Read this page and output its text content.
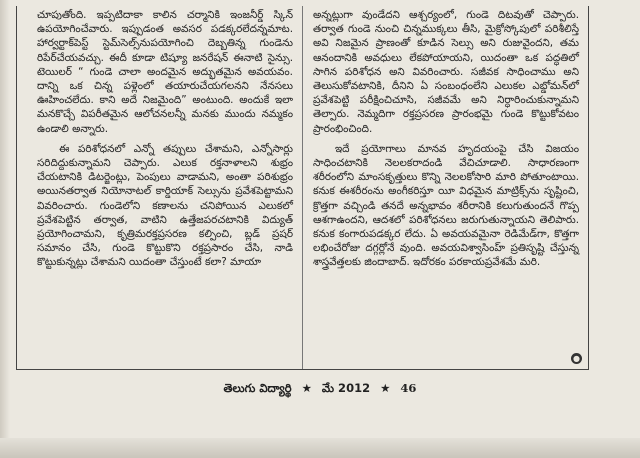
చూపుతోంది. ఇప్పటిదాకా కాలిన చర్మానికి ఇంజనీర్డ్ స్కిన్ ఉపయోగించేవారు. ఇప్పుడంత అవసర పడక్కరలేదన్నమాట. హార్వర్టాక్‌పెస్ట్ స్టెమ్‌సెల్స్‌నుపయోగించి దెబ్బతిన్న గుండెను రిపేర్‌చేయవచ్చు. ఈదీ కూడా టిష్యూ జనరేషన్ ఈనాటి సైన్సు. టెయిలర్ “ గుండె చాలా అందమైన అద్భుతమైన అవయవం. దాన్ని ఒక చిన్న పళ్లెంలో తయారుచేయగలనని నేనసలు ఊహించలేదు. కాని అదే నిజమైంది” అంటుంది. అందుకే ఇలా మనకొచ్చే విపరీతమైన ఆలోచనలన్నీ మనకు ముందు నమ్మకం ఉండాలి అన్నారు.

ఈ పరిశోధనలో ఎన్నో తప్పులు చేశామని, ఎన్నోసార్లు సరిదిద్దుకున్నామని చెప్పారు. ఎలుక రక్తనాళాలని శుభ్రం చేయటానికి డిటర్జెంట్లు, పెంపులు వాడామని, అంతా పరిశుభ్రం అయినతర్వాత నియోనాటల్ కార్డియాక్ సెల్సును ప్రవేశపెట్టామని వివరించారు. గుండెలోని కణాలను చనిపోయిన ఎలుకలో ప్రవేశపెట్టిన తర్వాత, వాటిని ఉత్తేజపరచటానికి విద్యుత్ ప్రయోగించామని, కృత్రిమరక్తప్రసరణ కల్పించి, బ్లడ్ ప్రషర్ సమానం చేసి, గుండె కొట్టుకొని రక్తప్రసారం చేసి, నాడి కొట్టుకున్నట్లు చేశామని యిదంతా చేస్తుంటే కలా? మాయా

అన్నట్లుగా వుండేదని ఆశ్చర్యంలో, గుండె దిటవుతో చెప్పారు. తర్వాత గుండె నుంచి చిన్నముక్కలు తీసి, మైక్రోస్కోపులో పరిశీలిస్తే అవి నిజమైన ప్రాణంతో కూడిన సెల్సు అని రుజువైందని, తమ ఆనందానికి అవధులు లేకపోయాయని, యిదంతా ఒక పద్ధతిలో సాగిన పరిశోధన అని వివరించారు. సజీవక సాధించాము అని తెలుసుకోవటానికి, దీనిని ఏ సంబంధంలేని ఎలుకల ఎబ్డోమన్‌లో ప్రవేశపెట్టి పరీక్షించిచూసి, సజీవమే అని నిర్ధారించుకున్నామని తెల్పారు. నెమ్మదిగా రక్తప్రసరణ ప్రారంభమై గుండె కొట్టుకోవటం ప్రారంభించింది.

ఇదే ప్రయోగాలు మానవ హృదయంపై చేసి విజయం సాధించటానికి నెలలకరాదండి వేచిచూడాలి. సాధారణంగా శరీరంలోని మాంసకృత్తులు కొన్ని నెలలకోసారి మారి పోతూంటాయి. కనుక ఈశరీరంను అంగీకరిస్తూ యీ విధమైన మాట్రిక్స్‌ను సృష్టించి, క్రొత్తగా వచ్చిండి తనదే అన్నభావం శరీరానికి కలుగుతుందనే గొప్ప ఆశగాఉందని, ఆదశలో పరిశోధనలు జరుగుతున్నాయని తెలిపారు. కనుక కంగారుపడక్కర లేదు. ఏ అవయవమైనా రెడిమేడ్‌గా, కొత్తగా లభించేరోజు దగ్గర్లోనే వుంది. అవయవిశ్వాసింహ్ ప్రతిసృష్టి చేస్తున్న శాస్త్రవేత్తలకు జిందాబాద్. ఇదోరకం పరకాయప్రవేశమే మరి.

●
తెలుగు విద్యార్థి ★ మే 2012 ★ 46
